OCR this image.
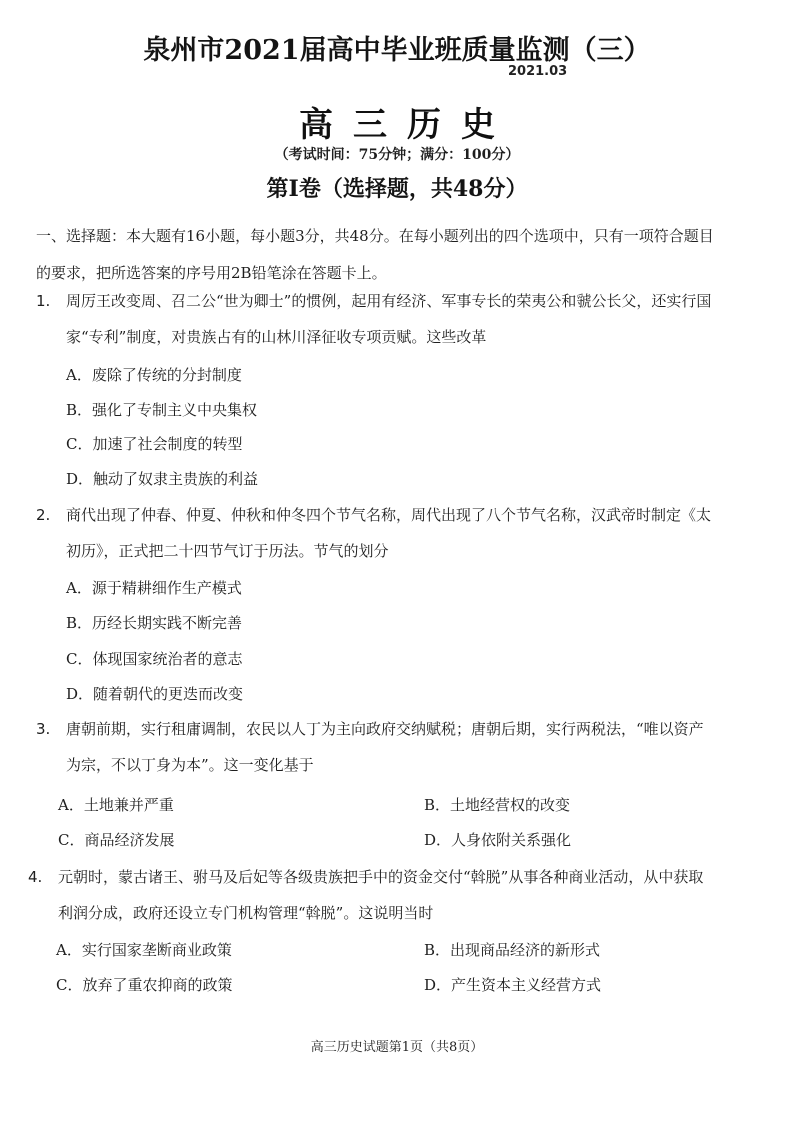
泉州市2021届高中毕业班质量监测（三）
2021.03
高三历史
（考试时间：75分钟；满分：100分）
第Ⅰ卷（选择题，共48分）
一、选择题：本大题有16小题，每小题3分，共48分。在每小题列出的四个选项中，只有一项符合题目的要求，把所选答案的序号用2B铅笔涂在答题卡上。
1. 周厉王改变周、召二公“世为卿士”的惯例，起用有经济、军事专长的荣夷公和虢公长父，还实行国家“专利”制度，对贵族占有的山林川泽征收专项贡赋。这些改革
A．废除了传统的分封制度
B．强化了专制主义中央集权
C．加速了社会制度的转型
D．触动了奴隶主贵族的利益
2. 商代出现了仲春、仲夏、仲秋和仲冬四个节气名称，周代出现了八个节气名称，汉武帝时制定《太初历》，正式把二十四节气订于历法。节气的划分
A．源于精耕细作生产模式
B．历经长期实践不断完善
C．体现国家统治者的意志
D．随着朝代的更迭而改变
3. 唐朝前期，实行租庸调制，农民以人丁为主向政府交纳赋税；唐朝后期，实行两税法，“唯以资产为宗，不以丁身为本”。这一变化基于
A．土地兼并严重	B．土地经营权的改变
C．商品经济发展	D．人身依附关系强化
4. 元朝时，蒙古诸王、驸马及后妃等各级贵族把手中的资金交付“斡脱”从事各种商业活动，从中获取利润分成，政府还设立专门机构管理“斡脱”。这说明当时
A．实行国家垄断商业政策	B．出现商品经济的新形式
C．放弃了重农抑商的政策	D．产生资本主义经营方式
高三历史试题第1页（共8页）
